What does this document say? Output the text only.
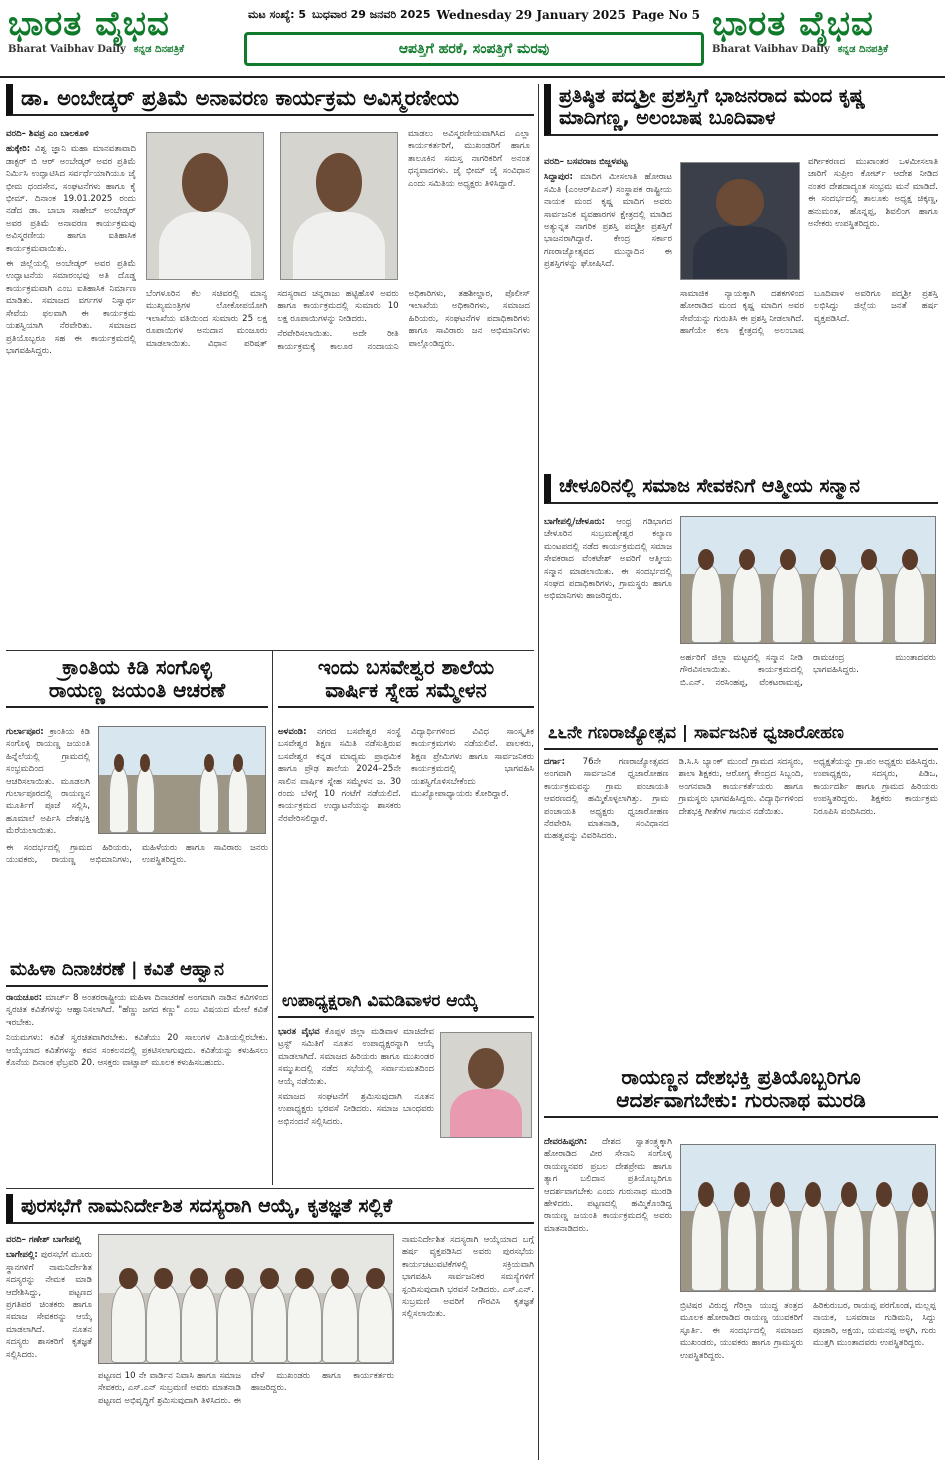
ಭಾರತ ವೈಭವ
Bharat Vaibhav Daily ಕನ್ನಡ ದಿನಪತ್ರಿಕೆ
ಮಟ ಸಂಖ್ಯೆ: 5 ಬುಧವಾರ 29 ಜನವರಿ 2025 Wednesday 29 January 2025 Page No 5
ಆಪತ್ತಿಗೆ ಹರಕೆ, ಸಂಪತ್ತಿಗೆ ಮರವು
ಭಾರತ ವೈಭವ
Bharat Vaibhav Daily ಕನ್ನಡ ದಿನಪತ್ರಿಕೆ
ಡಾ. ಅಂಬೇಡ್ಕರ್ ಪ್ರತಿಮೆ ಅನಾವರಣ ಕಾರ್ಯಕ್ರಮ ಅವಿಸ್ಮರಣೀಯ

ವರದಿ– ಶಿವಪ್ರ ಎಂ ಬಾಲಕೂಳಿ

ಹುಕ್ಕೇರಿ: ವಿಶ್ವ ಜ್ಞಾನಿ ಮಹಾ ಮಾನವತಾವಾದಿ ಡಾಕ್ಟರ್ ಬಿ ಆರ್ ಅಂಬೇಡ್ಕರ್ ಅವರ ಪ್ರತಿಮೆ ನಿರ್ಮಿಸಿ ಉದ್ಘಾಟಿಸಿದ ಸರ್ವರ್ಧೆಯಾಗಿಯೂ ಜೈ ಭೀಮ ಧಂದಸೇನ, ಸಂಘಟನೆಗಳು ಹಾಗೂ ಕೈ ಭೀಮ್. ದಿನಾಂಕ 19.01.2025 ರಂದು ನಡೆದ ಡಾ. ಬಾಬಾ ಸಾಹೇಬ್ ಅಂಬೇಡ್ಕರ್ ಅವರ ಪ್ರತಿಮೆ ಅನಾವರಣ ಕಾರ್ಯಕ್ರಮವು ಅವಿಸ್ಮರಣೀಯ ಹಾಗೂ ಐತಿಹಾಸಿಕ ಕಾರ್ಯಕ್ರಮವಾಯಿತು.

ಈ ಜಿಲ್ಲೆಯಲ್ಲಿ ಅಂಬೇಡ್ಕರ್ ಅವರ ಪ್ರತಿಮೆ ಉದ್ಘಾಟನೆಯ ಸಮಾರಂಭವು ಅತಿ ದೊಡ್ಡ ಕಾರ್ಯಕ್ರಮವಾಗಿ ಎಂಬ ಐತಿಹಾಸಿಕ ನಿರ್ಮಾಣ ಮಾಡಿತು. ಸಮಾಜದ ವರ್ಗಗಳ ನಿಸ್ವಾರ್ಥ ಸೇವೆಯ ಫಲವಾಗಿ ಈ ಕಾರ್ಯಕ್ರಮ ಯಶಸ್ವಿಯಾಗಿ ನೆರವೇರಿತು. ಸಮಾಜದ ಪ್ರತಿಯೊಬ್ಬರೂ ಸಹ ಈ ಕಾರ್ಯಕ್ರಮದಲ್ಲಿ ಭಾಗವಹಿಸಿದ್ದರು.

ಬೆಂಗಳೂರಿನ ಕೆಲ ಸಚಿವರಲ್ಲಿ ಮಾನ್ಯ ಮುಖ್ಯಮಂತ್ರಿಗಳ ಲೋಕೋಪಯೋಗಿ ಇಲಾಖೆಯ ವತಿಯಿಂದ ಸುಮಾರು 25 ಲಕ್ಷ ರೂಪಾಯಿಗಳ ಅನುದಾನ ಮಂಜೂರು ಮಾಡಲಾಯಿತು. ವಿಧಾನ ಪರಿಷತ್ ಸದಸ್ಯರಾದ ಚನ್ನರಾಜು ಹಟ್ಟಿಹೊಳಿ ಅವರು ಹಾಗೂ ಕಾರ್ಯಕ್ರಮದಲ್ಲಿ ಸುಮಾರು 10 ಲಕ್ಷ ರೂಪಾಯಿಗಳನ್ನು ನೀಡಿದರು.

ನೆರವೇರಿಸಲಾಯಿತು. ಅದೇ ರೀತಿ ಕಾರ್ಯಕ್ರಮಕ್ಕೆ ಕಾಲೂರ ನಂದಾಯನಿ ಅಧಿಕಾರಿಗಳು, ತಹಶೀಲ್ದಾರ, ಪೊಲೀಸ್ ಇಲಾಖೆಯ ಅಧಿಕಾರಿಗಳು, ಸಮಾಜದ ಹಿರಿಯರು, ಸಂಘಟನೆಗಳ ಪದಾಧಿಕಾರಿಗಳು ಹಾಗೂ ಸಾವಿರಾರು ಜನ ಅಭಿಮಾನಿಗಳು ಪಾಲ್ಗೊಂಡಿದ್ದರು.

ಮಾಡಲು ಅವಿಸ್ಮರಣೀಯವಾಗಿಸಿದ ಎಲ್ಲಾ ಕಾರ್ಯಕರ್ತರಿಗೆ, ಮುಖಂಡರಿಗೆ ಹಾಗೂ ತಾಲೂಕಿನ ಸಮಸ್ತ ನಾಗರಿಕರಿಗೆ ಅನಂತ ಧನ್ಯವಾದಗಳು. ಜೈ ಭೀಮ್ ಜೈ ಸಂವಿಧಾನ ಎಂದು ಸಮಿತಿಯ ಅಧ್ಯಕ್ಷರು ತಿಳಿಸಿದ್ದಾರೆ.

ಪ್ರತಿಷ್ಠಿತ ಪದ್ಮಶ್ರೀ ಪ್ರಶಸ್ತಿಗೆ ಭಾಜನರಾದ ಮಂದ ಕೃಷ್ಣ ಮಾದಿಗಣ್ಣ, ಅಲಂಬಾಷ ಬೂದಿವಾಳ

ವರದಿ– ಬಸವರಾಜ ಬಿಜ್ಜಳಪಟ್ಟ

ಸಿದ್ದಾಪುರ: ಮಾದಿಗ ಮೀಸಲಾತಿ ಹೋರಾಟ ಸಮಿತಿ (ಎಂಆರ್‌ಪಿಎಸ್) ಸಂಸ್ಥಾಪಕ ರಾಷ್ಟ್ರೀಯ ನಾಯಕ ಮಂದ ಕೃಷ್ಣ ಮಾದಿಗ ಅವರು ಸಾರ್ವಜನಿಕ ವ್ಯವಹಾರಗಳ ಕ್ಷೇತ್ರದಲ್ಲಿ ಮಾಡಿದ ಅತ್ಯುನ್ನತ ನಾಗರಿಕ ಪ್ರಶಸ್ತಿ ಪದ್ಮಶ್ರೀ ಪ್ರಶಸ್ತಿಗೆ ಭಾಜನರಾಗಿದ್ದಾರೆ. ಕೇಂದ್ರ ಸರ್ಕಾರ ಗಣರಾಜ್ಯೋತ್ಸವದ ಮುನ್ನಾದಿನ ಈ ಪ್ರಶಸ್ತಿಗಳನ್ನು ಘೋಷಿಸಿದೆ.

ಸಾಮಾಜಿಕ ನ್ಯಾಯಕ್ಕಾಗಿ ದಶಕಗಳಿಂದ ಹೋರಾಡಿದ ಮಂದ ಕೃಷ್ಣ ಮಾದಿಗ ಅವರ ಸೇವೆಯನ್ನು ಗುರುತಿಸಿ ಈ ಪ್ರಶಸ್ತಿ ನೀಡಲಾಗಿದೆ. ಹಾಗೆಯೇ ಕಲಾ ಕ್ಷೇತ್ರದಲ್ಲಿ ಅಲಂಬಾಷ ಬೂದಿವಾಳ ಅವರಿಗೂ ಪದ್ಮಶ್ರೀ ಪ್ರಶಸ್ತಿ ಲಭಿಸಿದ್ದು ಜಿಲ್ಲೆಯ ಜನತೆ ಹರ್ಷ ವ್ಯಕ್ತಪಡಿಸಿದೆ.

ವರ್ಗೀಕರಣದ ಮುಖಾಂತರ ಒಳಮೀಸಲಾತಿ ಜಾರಿಗೆ ಸುಪ್ರೀಂ ಕೋರ್ಟ್ ಆದೇಶ ನೀಡಿದ ನಂತರ ದೇಶದಾದ್ಯಂತ ಸಂಭ್ರಮ ಮನೆ ಮಾಡಿದೆ. ಈ ಸಂದರ್ಭದಲ್ಲಿ ತಾಲೂಕು ಅಧ್ಯಕ್ಷ ಚಿಕ್ಕಣ್ಣ, ಹನುಮಂತ, ಹೊನ್ನಪ್ಪ, ಶಿವಲಿಂಗ ಹಾಗೂ ಅನೇಕರು ಉಪಸ್ಥಿತರಿದ್ದರು.

ಚೇಳೂರಿನಲ್ಲಿ ಸಮಾಜ ಸೇವಕನಿಗೆ ಆತ್ಮೀಯ ಸನ್ಮಾನ

ಬಾಗೇಪಲ್ಲಿ/ಚೇಳೂರು: ಆಂಧ್ರ ಗಡಿಭಾಗದ ಚೇಳೂರಿನ ಸುಬ್ರಮಣ್ಯೇಶ್ವರ ಕಲ್ಯಾಣ ಮಂಟಪದಲ್ಲಿ ನಡೆದ ಕಾರ್ಯಕ್ರಮದಲ್ಲಿ ಸಮಾಜ ಸೇವಕರಾದ ವೆಂಕಟೇಶ್ ಅವರಿಗೆ ಆತ್ಮೀಯ ಸನ್ಮಾನ ಮಾಡಲಾಯಿತು. ಈ ಸಂದರ್ಭದಲ್ಲಿ ಸಂಘದ ಪದಾಧಿಕಾರಿಗಳು, ಗ್ರಾಮಸ್ಥರು ಹಾಗೂ ಅಭಿಮಾನಿಗಳು ಹಾಜರಿದ್ದರು.

ಅರ್ಹರಿಗೆ ಜಿಲ್ಲಾ ಮಟ್ಟದಲ್ಲಿ ಸನ್ಮಾನ ನೀಡಿ ಗೌರವಿಸಲಾಯಿತು. ಕಾರ್ಯಕ್ರಮದಲ್ಲಿ ಬಿ.ಎನ್. ನರಸಿಂಹಪ್ಪ, ವೆಂಕಟರಾಮಪ್ಪ, ರಾಮಚಂದ್ರ ಮುಂತಾದವರು ಭಾಗವಹಿಸಿದ್ದರು.

ಕ್ರಾಂತಿಯ ಕಿಡಿ ಸಂಗೊಳ್ಳಿ
ರಾಯಣ್ಣ ಜಯಂತಿ ಆಚರಣೆ

ಗುರ್ಲಾಪೂರ: ಕ್ರಾಂತಿಯ ಕಿಡಿ ಸಂಗೊಳ್ಳಿ ರಾಯಣ್ಣ ಜಯಂತಿ ಹಿನ್ನೆಲೆಯಲ್ಲಿ ಗ್ರಾಮದಲ್ಲಿ ಸಂಭ್ರಮದಿಂದ ಆಚರಿಸಲಾಯಿತು. ಮೂಡಲಗಿ ಗುರ್ಲಾಪೂರದಲ್ಲಿ ರಾಯಣ್ಣನ ಮೂರ್ತಿಗೆ ಪೂಜೆ ಸಲ್ಲಿಸಿ, ಹೂಮಾಲೆ ಅರ್ಪಿಸಿ ದೇಶಭಕ್ತಿ ಮೆರೆಯಲಾಯಿತು.

ಈ ಸಂದರ್ಭದಲ್ಲಿ ಗ್ರಾಮದ ಹಿರಿಯರು, ಯುವಕರು, ರಾಯಣ್ಣ ಅಭಿಮಾನಿಗಳು, ಮಹಿಳೆಯರು ಹಾಗೂ ಸಾವಿರಾರು ಜನರು ಉಪಸ್ಥಿತರಿದ್ದರು.

ಇಂದು ಬಸವೇಶ್ವರ ಶಾಲೆಯ
ವಾರ್ಷಿಕ ಸ್ನೇಹ ಸಮ್ಮೇಳನ

ಅಳವಂಡಿ: ನಗರದ ಬಸವೇಶ್ವರ ಸಂಸ್ಥೆ ಬಸವೇಶ್ವರ ಶಿಕ್ಷಣ ಸಮಿತಿ ನಡೆಸುತ್ತಿರುವ ಬಸವೇಶ್ವರ ಕನ್ನಡ ಮಾಧ್ಯಮ ಪ್ರಾಥಮಿಕ ಹಾಗೂ ಪ್ರೌಢ ಶಾಲೆಯ 2024–25ನೇ ಸಾಲಿನ ವಾರ್ಷಿಕ ಸ್ನೇಹ ಸಮ್ಮೇಳನ ಜ. 30 ರಂದು ಬೆಳಿಗ್ಗೆ 10 ಗಂಟೆಗೆ ನಡೆಯಲಿದೆ. ಕಾರ್ಯಕ್ರಮದ ಉದ್ಘಾಟನೆಯನ್ನು ಶಾಸಕರು ನೆರವೇರಿಸಲಿದ್ದಾರೆ.

ವಿದ್ಯಾರ್ಥಿಗಳಿಂದ ವಿವಿಧ ಸಾಂಸ್ಕೃತಿಕ ಕಾರ್ಯಕ್ರಮಗಳು ನಡೆಯಲಿವೆ. ಪಾಲಕರು, ಶಿಕ್ಷಣ ಪ್ರೇಮಿಗಳು ಹಾಗೂ ಸಾರ್ವಜನಿಕರು ಕಾರ್ಯಕ್ರಮದಲ್ಲಿ ಭಾಗವಹಿಸಿ ಯಶಸ್ವಿಗೊಳಿಸಬೇಕೆಂದು ಮುಖ್ಯೋಪಾಧ್ಯಾಯರು ಕೋರಿದ್ದಾರೆ.

ಮಹಿಳಾ ದಿನಾಚರಣೆ | ಕವಿತೆ ಆಹ್ವಾನ

ರಾಯಚೂರ: ಮಾರ್ಚ್ 8 ಅಂತರರಾಷ್ಟ್ರೀಯ ಮಹಿಳಾ ದಿನಾಚರಣೆ ಅಂಗವಾಗಿ ನಾಡಿನ ಕವಿಗಳಿಂದ ಸ್ವರಚಿತ ಕವಿತೆಗಳನ್ನು ಆಹ್ವಾನಿಸಲಾಗಿದೆ. "ಹೆಣ್ಣು ಜಗದ ಕಣ್ಣು" ಎಂಬ ವಿಷಯದ ಮೇಲೆ ಕವಿತೆ ಇರಬೇಕು.

ನಿಯಮಗಳು: ಕವಿತೆ ಸ್ವರಚಿತವಾಗಿರಬೇಕು. ಕವಿತೆಯು 20 ಸಾಲುಗಳ ಮಿತಿಯಲ್ಲಿರಬೇಕು. ಆಯ್ಕೆಯಾದ ಕವಿತೆಗಳನ್ನು ಕವನ ಸಂಕಲನದಲ್ಲಿ ಪ್ರಕಟಿಸಲಾಗುವುದು. ಕವಿತೆಯನ್ನು ಕಳುಹಿಸಲು ಕೊನೆಯ ದಿನಾಂಕ ಫೆಬ್ರವರಿ 20. ಆಸಕ್ತರು ವಾಟ್ಸಾಪ್ ಮೂಲಕ ಕಳುಹಿಸಬಹುದು.

ಉಪಾಧ್ಯಕ್ಷರಾಗಿ ವಿಮಡಿವಾಳರ ಆಯ್ಕೆ

ಭಾರತ ವೈಭವ ಕೊಪ್ಪಳ ಜಿಲ್ಲಾ ಮಡಿವಾಳ ಮಾಚಿದೇವ ಟ್ರಸ್ಟ್ ಸಮಿತಿಗೆ ನೂತನ ಉಪಾಧ್ಯಕ್ಷರನ್ನಾಗಿ ಆಯ್ಕೆ ಮಾಡಲಾಗಿದೆ. ಸಮಾಜದ ಹಿರಿಯರು ಹಾಗೂ ಮುಖಂಡರ ಸಮ್ಮುಖದಲ್ಲಿ ನಡೆದ ಸಭೆಯಲ್ಲಿ ಸರ್ವಾನುಮತದಿಂದ ಆಯ್ಕೆ ನಡೆಯಿತು.

ಸಮಾಜದ ಸಂಘಟನೆಗೆ ಶ್ರಮಿಸುವುದಾಗಿ ನೂತನ ಉಪಾಧ್ಯಕ್ಷರು ಭರವಸೆ ನೀಡಿದರು. ಸಮಾಜ ಬಾಂಧವರು ಅಭಿನಂದನೆ ಸಲ್ಲಿಸಿದರು.

೭೬ನೇ ಗಣರಾಜ್ಯೋತ್ಸವ | ಸಾರ್ವಜನಿಕ ಧ್ವಜಾರೋಹಣ

ದರ್ಗಾ: 76ನೇ ಗಣರಾಜ್ಯೋತ್ಸವದ ಅಂಗವಾಗಿ ಸಾರ್ವಜನಿಕ ಧ್ವಜಾರೋಹಣ ಕಾರ್ಯಕ್ರಮವನ್ನು ಗ್ರಾಮ ಪಂಚಾಯತಿ ಆವರಣದಲ್ಲಿ ಹಮ್ಮಿಕೊಳ್ಳಲಾಗಿತ್ತು. ಗ್ರಾಮ ಪಂಚಾಯತಿ ಅಧ್ಯಕ್ಷರು ಧ್ವಜಾರೋಹಣ ನೆರವೇರಿಸಿ ಮಾತನಾಡಿ, ಸಂವಿಧಾನದ ಮಹತ್ವವನ್ನು ವಿವರಿಸಿದರು.

ಡಿ.ಸಿ.ಸಿ ಬ್ಯಾಂಕ್ ಮುಂದೆ ಗ್ರಾಮದ ಸದಸ್ಯರು, ಶಾಲಾ ಶಿಕ್ಷಕರು, ಆರೋಗ್ಯ ಕೇಂದ್ರದ ಸಿಬ್ಬಂದಿ, ಅಂಗನವಾಡಿ ಕಾರ್ಯಕರ್ತೆಯರು ಹಾಗೂ ಗ್ರಾಮಸ್ಥರು ಭಾಗವಹಿಸಿದ್ದರು. ವಿದ್ಯಾರ್ಥಿಗಳಿಂದ ದೇಶಭಕ್ತಿ ಗೀತೆಗಳ ಗಾಯನ ನಡೆಯಿತು.

ಅಧ್ಯಕ್ಷತೆಯನ್ನು ಗ್ರಾ.ಪಂ ಅಧ್ಯಕ್ಷರು ವಹಿಸಿದ್ದರು. ಉಪಾಧ್ಯಕ್ಷರು, ಸದಸ್ಯರು, ಪಿಡಿಒ, ಕಾರ್ಯದರ್ಶಿ ಹಾಗೂ ಗ್ರಾಮದ ಹಿರಿಯರು ಉಪಸ್ಥಿತರಿದ್ದರು. ಶಿಕ್ಷಕರು ಕಾರ್ಯಕ್ರಮ ನಿರೂಪಿಸಿ ವಂದಿಸಿದರು.

ರಾಯಣ್ಣನ ದೇಶಭಕ್ತಿ ಪ್ರತಿಯೊಬ್ಬರಿಗೂ
ಆದರ್ಶವಾಗಬೇಕು: ಗುರುನಾಥ ಮುರಡಿ

ದೇವರಹಿಪ್ಪರಗಿ: ದೇಶದ ಸ್ವಾತಂತ್ರ್ಯಕ್ಕಾಗಿ ಹೋರಾಡಿದ ವೀರ ಸೇನಾನಿ ಸಂಗೊಳ್ಳಿ ರಾಯಣ್ಣನವರ ಪ್ರಬಲ ದೇಶಪ್ರೇಮ ಹಾಗೂ ತ್ಯಾಗ ಬಲಿದಾನ ಪ್ರತಿಯೊಬ್ಬರಿಗೂ ಆದರ್ಶವಾಗಬೇಕು ಎಂದು ಗುರುನಾಥ ಮುರಡಿ ಹೇಳಿದರು. ಪಟ್ಟಣದಲ್ಲಿ ಹಮ್ಮಿಕೊಂಡಿದ್ದ ರಾಯಣ್ಣ ಜಯಂತಿ ಕಾರ್ಯಕ್ರಮದಲ್ಲಿ ಅವರು ಮಾತನಾಡಿದರು.

ಬ್ರಿಟಿಷರ ವಿರುದ್ಧ ಗೆರಿಲ್ಲಾ ಯುದ್ಧ ತಂತ್ರದ ಮೂಲಕ ಹೋರಾಡಿದ ರಾಯಣ್ಣ ಯುವಕರಿಗೆ ಸ್ಫೂರ್ತಿ. ಈ ಸಂದರ್ಭದಲ್ಲಿ ಸಮಾಜದ ಮುಖಂಡರು, ಯುವಕರು ಹಾಗೂ ಗ್ರಾಮಸ್ಥರು ಉಪಸ್ಥಿತರಿದ್ದರು.

ಹಿರಿಕುರುಬರ, ರಾಯಪ್ಪ ಪರಗೊಂಡ, ಮಲ್ಲಪ್ಪ ನಾಯಕ, ಬಸವರಾಜ ಗುಡಿಮನಿ, ಸಿದ್ದು ಪೂಜಾರಿ, ಅಕ್ಷಯ, ಯಮನಪ್ಪ ಅಳ್ಳಗಿ, ಗುರು ಮುತ್ತಗಿ ಮುಂತಾದವರು ಉಪಸ್ಥಿತರಿದ್ದರು.

ಪುರಸಭೆಗೆ ನಾಮನಿರ್ದೇಶಿತ ಸದಸ್ಯರಾಗಿ ಆಯ್ಕೆ, ಕೃತಜ್ಞತೆ ಸಲ್ಲಿಕೆ

ವರದಿ– ಗಣೇಶ್ ಬಾಗೇಪಲ್ಲಿ

ಬಾಗೇಪಲ್ಲಿ: ಪುರಸಭೆಗೆ ಮೂರು ಸ್ಥಾನಗಳಿಗೆ ನಾಮನಿರ್ದೇಶಿತ ಸದಸ್ಯರನ್ನು ನೇಮಕ ಮಾಡಿ ಆದೇಶಿಸಿದ್ದು, ಪಟ್ಟಣದ ಪ್ರಗತಿಪರ ಚಿಂತಕರು ಹಾಗೂ ಸಮಾಜ ಸೇವಕರನ್ನು ಆಯ್ಕೆ ಮಾಡಲಾಗಿದೆ. ನೂತನ ಸದಸ್ಯರು ಶಾಸಕರಿಗೆ ಕೃತಜ್ಞತೆ ಸಲ್ಲಿಸಿದರು.

ಪಟ್ಟಣದ 10 ನೇ ವಾರ್ಡಿನ ನಿವಾಸಿ ಹಾಗೂ ಸಮಾಜ ಸೇವಕರು, ಎಸ್.ಎನ್ ಸುಬ್ರಮಣಿ ಅವರು ಮಾತನಾಡಿ ಪಟ್ಟಣದ ಅಭಿವೃದ್ಧಿಗೆ ಶ್ರಮಿಸುವುದಾಗಿ ತಿಳಿಸಿದರು. ಈ ವೇಳೆ ಮುಖಂಡರು ಹಾಗೂ ಕಾರ್ಯಕರ್ತರು ಹಾಜರಿದ್ದರು.

ನಾಮನಿರ್ದೇಶಿತ ಸದಸ್ಯರಾಗಿ ಆಯ್ಕೆಯಾದ ಬಗ್ಗೆ ಹರ್ಷ ವ್ಯಕ್ತಪಡಿಸಿದ ಅವರು ಪುರಸಭೆಯ ಕಾರ್ಯಚಟುವಟಿಕೆಗಳಲ್ಲಿ ಸಕ್ರಿಯವಾಗಿ ಭಾಗವಹಿಸಿ ಸಾರ್ವಜನಿಕರ ಸಮಸ್ಯೆಗಳಿಗೆ ಸ್ಪಂದಿಸುವುದಾಗಿ ಭರವಸೆ ನೀಡಿದರು. ಎಸ್.ಎನ್. ಸುಬ್ರಮಣಿ ಅವರಿಗೆ ಗೌರವಿಸಿ ಕೃತಜ್ಞತೆ ಸಲ್ಲಿಸಲಾಯಿತು.
